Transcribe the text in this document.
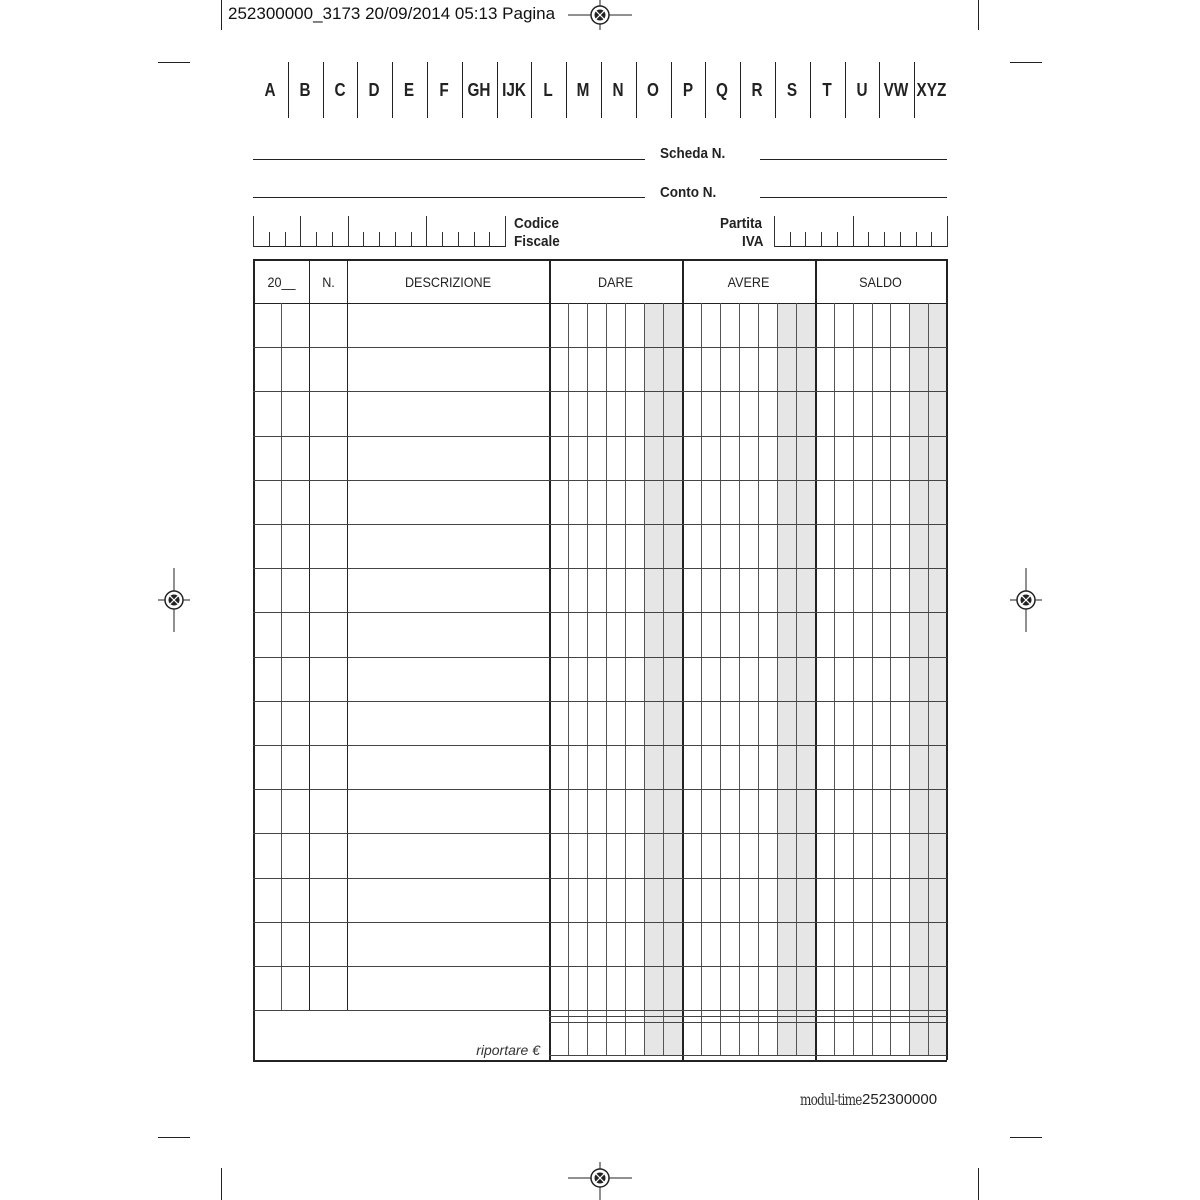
252300000_3173 20/09/2014 05:13 Pagina
A	B	C	D	E	F	GH IJK	L	M	N	O	P	Q	R	S	T	U VW XYZ
Scheda N.
Conto N.
Codice
Fiscale
Partita
IVA
20__	N.	DESCRIZIONE	DARE	AVERE	SALDO
riportare €
modul-time 252300000
